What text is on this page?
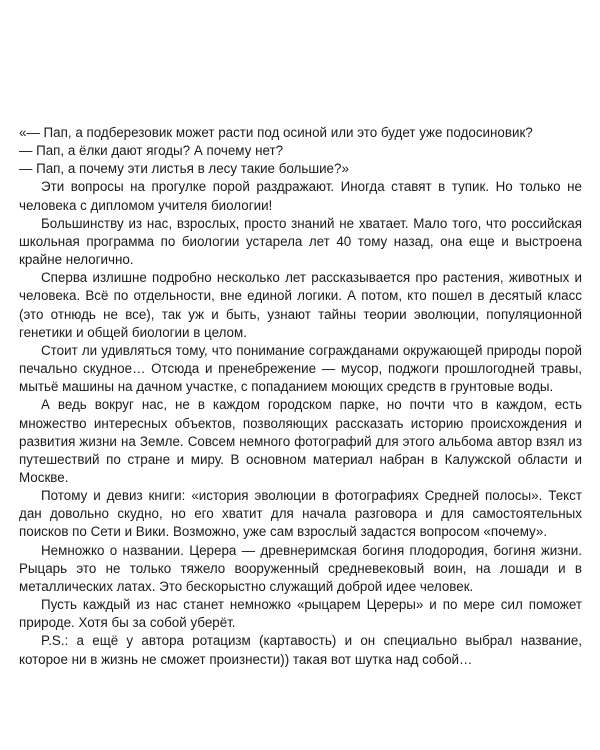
«— Пап, а подберезовик может расти под осиной или это будет уже подосиновик?
— Пап, а ёлки дают ягоды? А почему нет?
— Пап, а почему эти листья в лесу такие большие?»

Эти вопросы на прогулке порой раздражают. Иногда ставят в тупик. Но только не человека с дипломом учителя биологии!

Большинству из нас, взрослых, просто знаний не хватает. Мало того, что российская школьная программа по биологии устарела лет 40 тому назад, она еще и выстроена крайне нелогично.

Сперва излишне подробно несколько лет рассказывается про растения, животных и человека. Всё по отдельности, вне единой логики. А потом, кто пошел в десятый класс (это отнюдь не все), так уж и быть, узнают тайны теории эволюции, популяционной генетики и общей биологии в целом.

Стоит ли удивляться тому, что понимание согражданами окружающей природы порой печально скудное… Отсюда и пренебрежение — мусор, поджоги прошлогодней травы, мытьё машины на дачном участке, с попаданием моющих средств в грунтовые воды.

А ведь вокруг нас, не в каждом городском парке, но почти что в каждом, есть множество интересных объектов, позволяющих рассказать историю происхождения и развития жизни на Земле. Совсем немного фотографий для этого альбома автор взял из путешествий по стране и миру. В основном материал набран в Калужской области и Москве.

Потому и девиз книги: «история эволюции в фотографиях Средней полосы». Текст дан довольно скудно, но его хватит для начала разговора и для самостоятельных поисков по Сети и Вики. Возможно, уже сам взрослый задастся вопросом «почему».

Немножко о названии. Церера — древнеримская богиня плодородия, богиня жизни. Рыцарь это не только тяжело вооруженный средневековый воин, на лошади и в металлических латах. Это бескорыстно служащий доброй идее человек.

Пусть каждый из нас станет немножко «рыцарем Цереры» и по мере сил поможет природе. Хотя бы за собой уберёт.

P.S.: а ещё у автора ротацизм (картавость) и он специально выбрал название, которое ни в жизнь не сможет произнести)) такая вот шутка над собой…
